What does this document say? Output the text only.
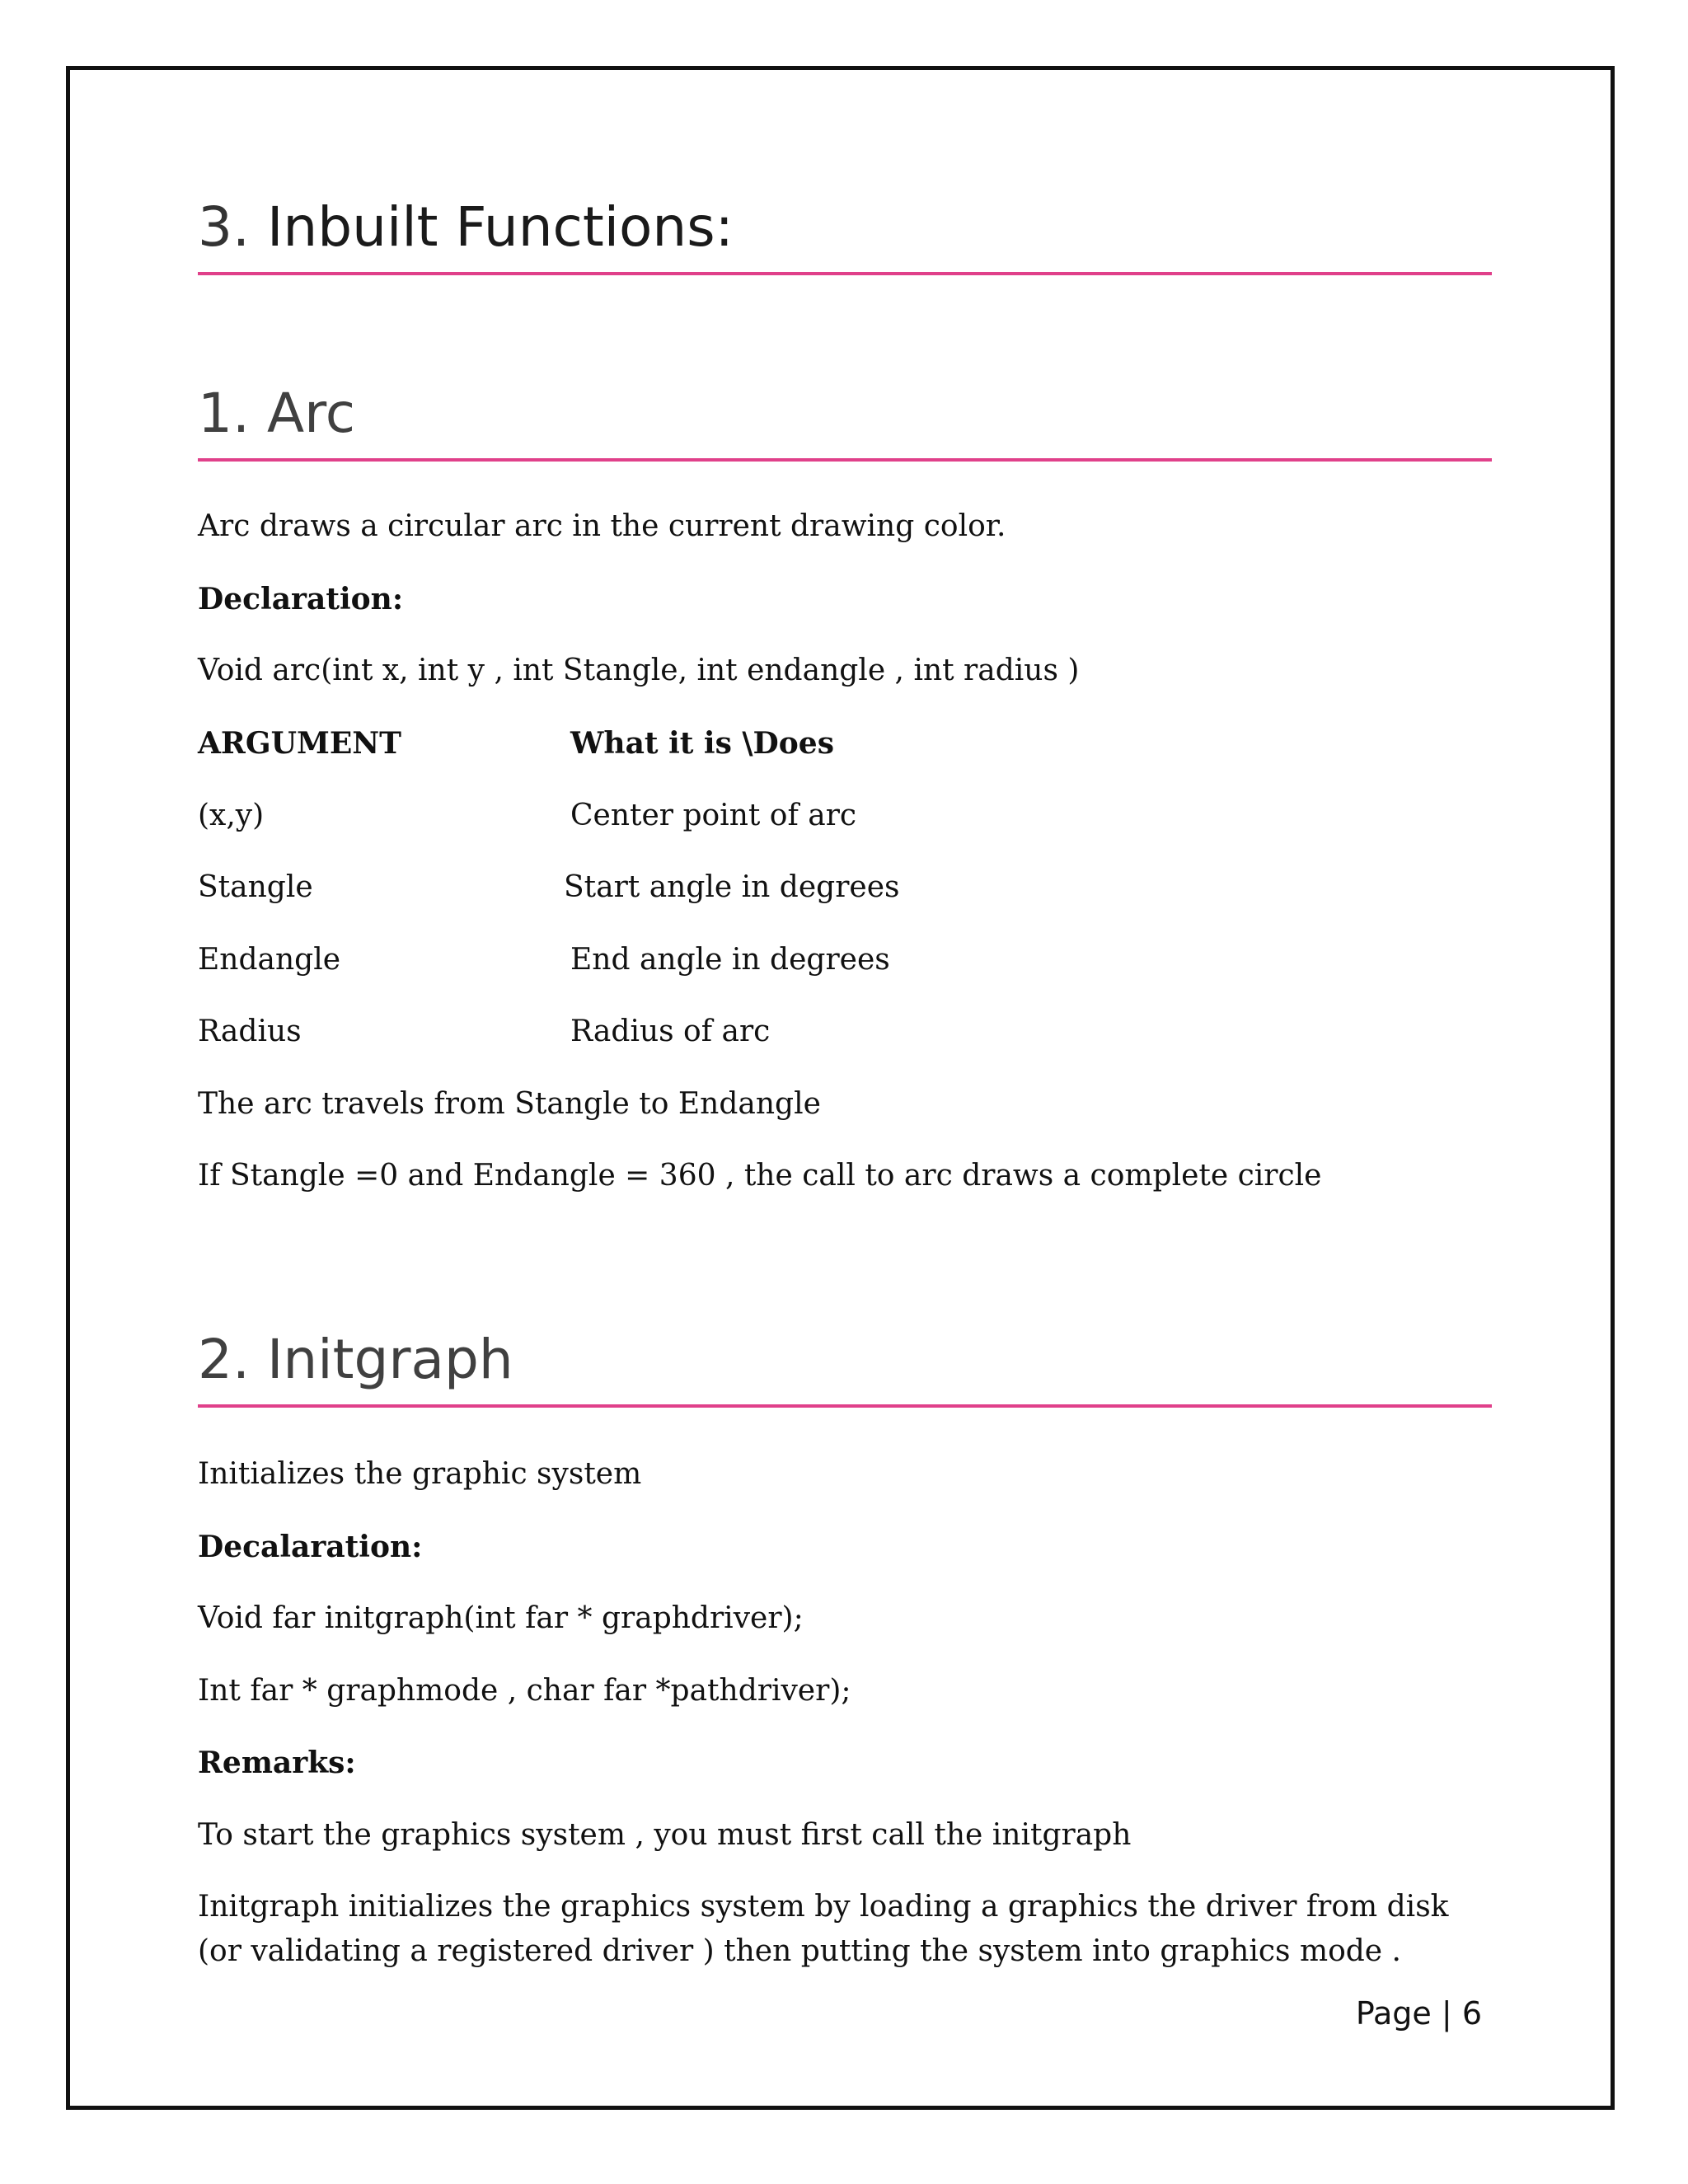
3. Inbuilt Functions:
1. Arc

Arc draws a circular arc in the current drawing color.

Declaration:

Void arc(int x, int y , int Stangle, int endangle , int radius )

ARGUMENT	What it is \Does
(x,y)	Center point of arc
Stangle	Start angle in degrees
Endangle	End angle in degrees
Radius	Radius of arc

The arc travels from Stangle to Endangle

If Stangle =0 and Endangle = 360 , the call to arc draws a complete circle

2. Initgraph

Initializes the graphic system

Decalaration:

Void far initgraph(int far * graphdriver);

Int far * graphmode , char far *pathdriver);

Remarks:

To start the graphics system , you must first call the initgraph

Initgraph initializes the graphics system by loading a graphics the driver from disk (or validating a registered driver ) then putting the system into graphics mode .

Page | 6
